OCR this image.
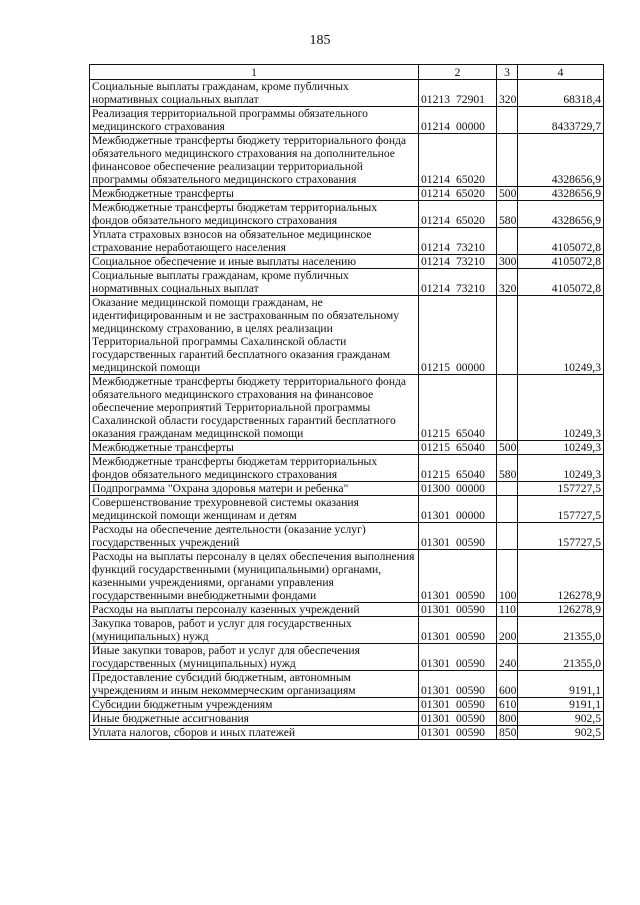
185
1	2	3	4
Социальные выплаты гражданам, кроме публичных нормативных социальных выплат	01213 72901	320	68318,4
Реализация территориальной программы обязательного медицинского страхования	01214 00000		8433729,7
Межбюджетные трансферты бюджету территориального фонда обязательного медицинского страхования на дополнительное финансовое обеспечение реализации территориальной программы обязательного медицинского страхования	01214 65020		4328656,9
Межбюджетные трансферты	01214 65020	500	4328656,9
Межбюджетные трансферты бюджетам территориальных фондов обязательного медицинского страхования	01214 65020	580	4328656,9
Уплата страховых взносов на обязательное медицинское страхование неработающего населения	01214 73210		4105072,8
Социальное обеспечение и иные выплаты населению	01214 73210	300	4105072,8
Социальные выплаты гражданам, кроме публичных нормативных социальных выплат	01214 73210	320	4105072,8
Оказание медицинской помощи гражданам, не идентифицированным и не застрахованным по обязательному медицинскому страхованию, в целях реализации Территориальной программы Сахалинской области государственных гарантий бесплатного оказания гражданам медицинской помощи	01215 00000		10249,3
Межбюджетные трансферты бюджету территориального фонда обязательного медицинского страхования на финансовое обеспечение мероприятий Территориальной программы Сахалинской области государственных гарантий бесплатного оказания гражданам медицинской помощи	01215 65040		10249,3
Межбюджетные трансферты	01215 65040	500	10249,3
Межбюджетные трансферты бюджетам территориальных фондов обязательного медицинского страхования	01215 65040	580	10249,3
Подпрограмма "Охрана здоровья матери и ребенка"	01300 00000		157727,5
Совершенствование трехуровневой системы оказания медицинской помощи женщинам и детям	01301 00000		157727,5
Расходы на обеспечение деятельности (оказание услуг) государственных учреждений	01301 00590		157727,5
Расходы на выплаты персоналу в целях обеспечения выполнения функций государственными (муниципальными) органами, казенными учреждениями, органами управления государственными внебюджетными фондами	01301 00590	100	126278,9
Расходы на выплаты персоналу казенных учреждений	01301 00590	110	126278,9
Закупка товаров, работ и услуг для государственных (муниципальных) нужд	01301 00590	200	21355,0
Иные закупки товаров, работ и услуг для обеспечения государственных (муниципальных) нужд	01301 00590	240	21355,0
Предоставление субсидий бюджетным, автономным учреждениям и иным некоммерческим организациям	01301 00590	600	9191,1
Субсидии бюджетным учреждениям	01301 00590	610	9191,1
Иные бюджетные ассигнования	01301 00590	800	902,5
Уплата налогов, сборов и иных платежей	01301 00590	850	902,5
